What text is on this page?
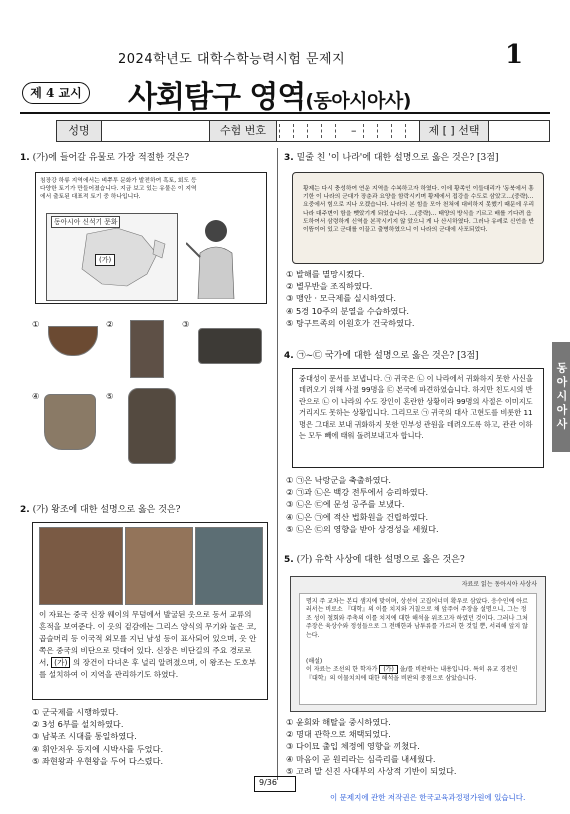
2024학년도 대학수학능력시험 문제지	1
제 4 교시 사회탐구 영역(동아시아사)
성명	수험 번호	–	제 [ ] 선택
동아시아사
1. (가)에 들어갈 유물로 가장 적절한 것은?
침장강 하류 지역에서는 벼쭈투 문화가 발전하여 흑토, 회도 등 다양한 토기가 만들어졌습니다. 지금 보고 있는 유물은 이 지역에서 출토된 대표적 토기 중 하나입니다.
동아시아 신석기 문화
(가)
①	②	③
④	⑤
2. (가) 왕조에 대한 설명으로 옳은 것은?
이 자료는 중국 신장 웨이의 무덤에서 발굴된 옷으로 동서 교류의 흔적을 보여준다. 이 옷의 겉감에는 그리스 양식의 무기와 놀은 코, 곱슬머리 등 이국적 외모를 지닌 남성 등이 표사되어 있으며, 옷 안쪽은 중국의 비단으로 덧대어 있다. 신장은 비단길의 주요 경로로서, (가) 의 장건이 다녀온 후 널리 알려졌으며, 이 왕조는 도호부를 설치하여 이 지역을 관리하기도 하였다.
① 군국제를 시행하였다.
② 3성 6부를 설치하였다.
③ 남북조 시대를 통일하였다.
④ 휘안저우 등지에 시박사를 두었다.
⑤ 좌현왕과 우현왕을 두어 다스렸다.
3. 밑줄 친 '이 나라'에 대한 설명으로 옳은 것은? [3점]
황제는 다시 충성하여 연운 지역을 수복하고자 하였다. 이에 황족인 이들대리가 '동북에서 흥기한 이 나라의 군대가 장춘과 요양을 함락시키며 황제에서 접강을 수도로 삼았고…(중략)… 요중에서 힘으로 지나 오겠습니다. 나라의 본 힘을 모아 천쳐에 대비하지 못했기 때문에 우리 나라 대주변이 함을 뺏았기게 되었습니다. …(중략)… 태양의 방식을 기르고 배를 기다려 읍도하여서 삼령하게 신역을 본작시키지 않 았으니 게 나 산시하였다. 그러나 유레로 신언을 반이뜸이어 있고 군대를 이끌고 출병하였으니 이 나라의 군대에 사포되었다.
① 발해를 멸망시켰다.
② 별무반을 조직하였다.
③ 맹안 · 모극제를 실시하였다.
④ 5경 10주의 분열을 수습하였다.
⑤ 탕구트족의 이원호가 건국하였다.
4. ㉠~㉢ 국가에 대한 설명으로 옳은 것은? [3점]
중대성이 문서를 보냅니다. ㉠ 귀국은 ㉡ 이 나라에서 귀화하지 못한 사신을 데려오기 위해 사절 99명을 ㉢ 본국에 파견하였습니다. 하지만 친도시의 반란으로 ㉡ 이 나라의 수도 장인이 혼란한 상황이라 99명의 사절은 이미지도 거리지도 못하는 상황입니다. 그리므로 ㉠ 귀국의 대사 고현도를 비롯한 11명은 그대로 보내 귀화하지 못한 민부성 관원을 데려오도록 하고, 관관 이하는 모두 빼에 태워 돌려보내고자 합니다.
① ㉠은 낙랑군을 축출하였다.
② ㉠과 ㉡은 백강 전투에서 승리하였다.
③ ㉡은 ㉢에 문성 공주를 보냈다.
④ ㉡은 ㉠에 적산 법화원을 건립하였다.
⑤ ㉡은 ㉢의 영향을 받아 상경성을 세웠다.
5. (가) 유학 사상에 대한 설명으로 옳은 것은?
자료로 읽는 동아시아 사상사
명지 주 교차는 본디 샘지에 맞이며, 상선이 고집어너미 확우로 삼았다. 응수인에 아르러서는 비로소 『대학』의 이를 치지와 거칠으로 채 앞주어 주장을 설명으니, 그는 정조 성이 철회와 주축의 이를 치지에 대한 해석을 위조고자 하였던 것이다. 그러나 그처 주장은 육상수와 정성들으로 그 전배한과 남투류를 가르러 한 것일 뿐, 서리해 앞지 않는다.
(해설)
이 자료는 조선의 한 학자가 (가) 을/를 비판하는 내용입니다. 특히 유교 경전인 『대학』의 이물치치에 대한 해석을 비판의 중점으로 삼았습니다.
① 윤회와 해탈을 중시하였다.
② 명대 관학으로 채택되었다.
③ 다이묘 출입 체정에 영향을 끼쳤다.
④ 마음이 곧 원리라는 심즉리를 내세웠다.
⑤ 고려 말 신진 사대부의 사상적 기반이 되었다.
9/36
이 문제지에 관한 저작권은 한국교육과정평가원에 있습니다.
